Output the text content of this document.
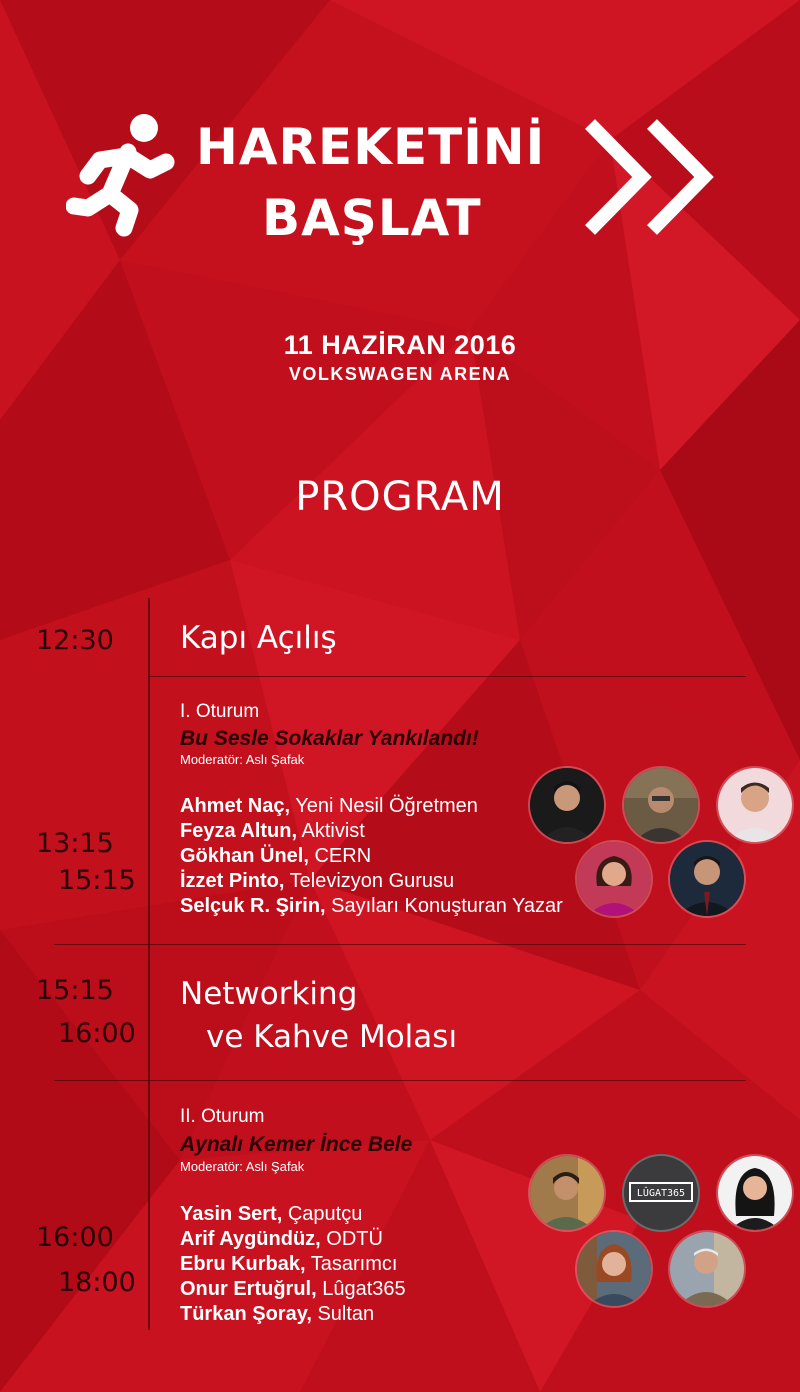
HAREKETİNİ
BAŞLAT
11 HAZİRAN 2016
VOLKSWAGEN ARENA
PROGRAM
12:30 Kapı Açılış
13:15
15:15
I. Oturum
Bu Sesle Sokaklar Yankılandı!
Moderatör: Aslı Şafak
Ahmet Naç, Yeni Nesil Öğretmen
Feyza Altun, Aktivist
Gökhan Ünel, CERN
İzzet Pinto, Televizyon Gurusu
Selçuk R. Şirin, Sayıları Konuşturan Yazar
15:15
16:00
Networking
ve Kahve Molası
16:00
18:00
II. Oturum
Aynalı Kemer İnce Bele
Moderatör: Aslı Şafak
Yasin Sert, Çaputçu
Arif Aygündüz, ODTÜ
Ebru Kurbak, Tasarımcı
Onur Ertuğrul, Lûgat365
Türkan Şoray, Sultan
LÛGAT365
